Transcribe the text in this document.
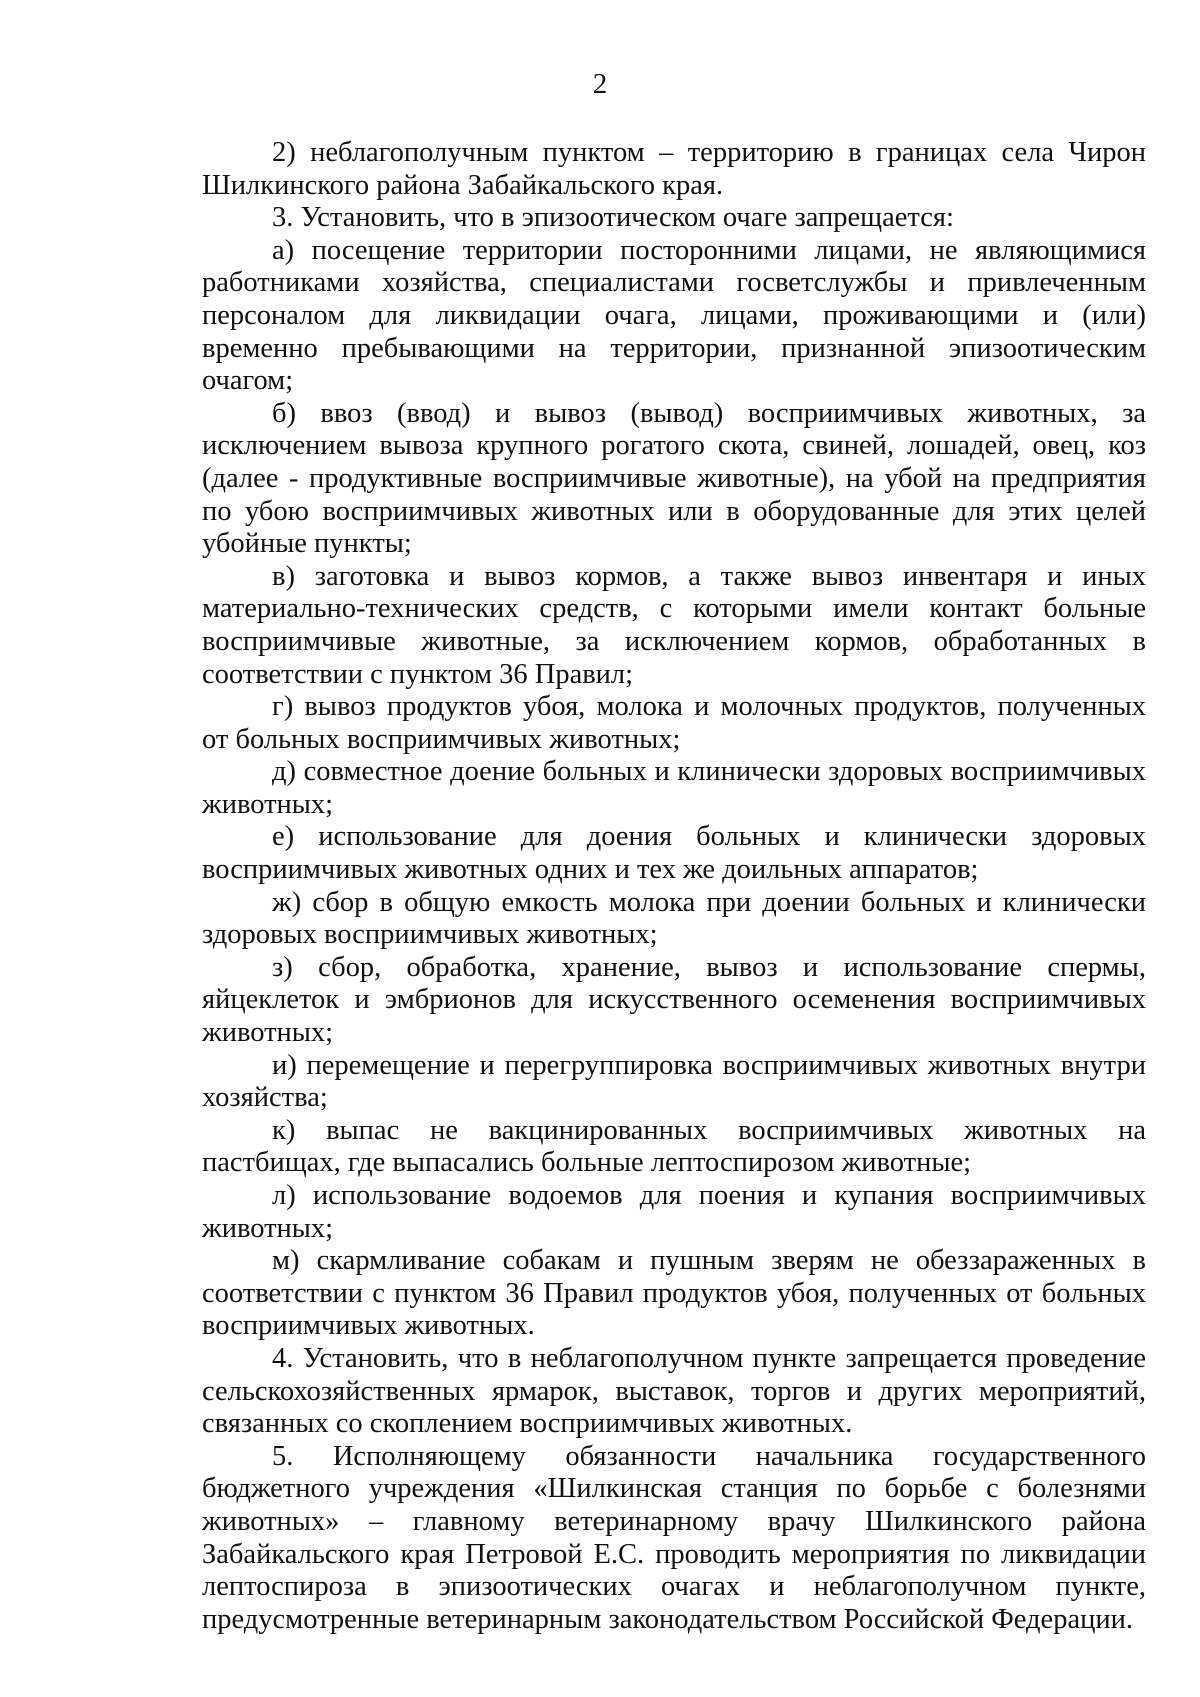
2

2) неблагополучным пунктом – территорию в границах села Чирон Шилкинского района Забайкальского края.

3. Установить, что в эпизоотическом очаге запрещается:

а) посещение территории посторонними лицами, не являющимися работниками хозяйства, специалистами госветслужбы и привлеченным персоналом для ликвидации очага, лицами, проживающими и (или) временно пребывающими на территории, признанной эпизоотическим очагом;

б) ввоз (ввод) и вывоз (вывод) восприимчивых животных, за исключением вывоза крупного рогатого скота, свиней, лошадей, овец, коз (далее - продуктивные восприимчивые животные), на убой на предприятия по убою восприимчивых животных или в оборудованные для этих целей убойные пункты;

в) заготовка и вывоз кормов, а также вывоз инвентаря и иных материально-технических средств, с которыми имели контакт больные восприимчивые животные, за исключением кормов, обработанных в соответствии с пунктом 36 Правил;

г) вывоз продуктов убоя, молока и молочных продуктов, полученных от больных восприимчивых животных;

д) совместное доение больных и клинически здоровых восприимчивых животных;

е) использование для доения больных и клинически здоровых восприимчивых животных одних и тех же доильных аппаратов;

ж) сбор в общую емкость молока при доении больных и клинически здоровых восприимчивых животных;

з) сбор, обработка, хранение, вывоз и использование спермы, яйцеклеток и эмбрионов для искусственного осеменения восприимчивых животных;

и) перемещение и перегруппировка восприимчивых животных внутри хозяйства;

к) выпас не вакцинированных восприимчивых животных на пастбищах, где выпасались больные лептоспирозом животные;

л) использование водоемов для поения и купания восприимчивых животных;

м) скармливание собакам и пушным зверям не обеззараженных в соответствии с пунктом 36 Правил продуктов убоя, полученных от больных восприимчивых животных.

4. Установить, что в неблагополучном пункте запрещается проведение сельскохозяйственных ярмарок, выставок, торгов и других мероприятий, связанных со скоплением восприимчивых животных.

5. Исполняющему обязанности начальника государственного бюджетного учреждения «Шилкинская станция по борьбе с болезнями животных» – главному ветеринарному врачу Шилкинского района Забайкальского края Петровой Е.С. проводить мероприятия по ликвидации лептоспироза в эпизоотических очагах и неблагополучном пункте, предусмотренные ветеринарным законодательством Российской Федерации.
